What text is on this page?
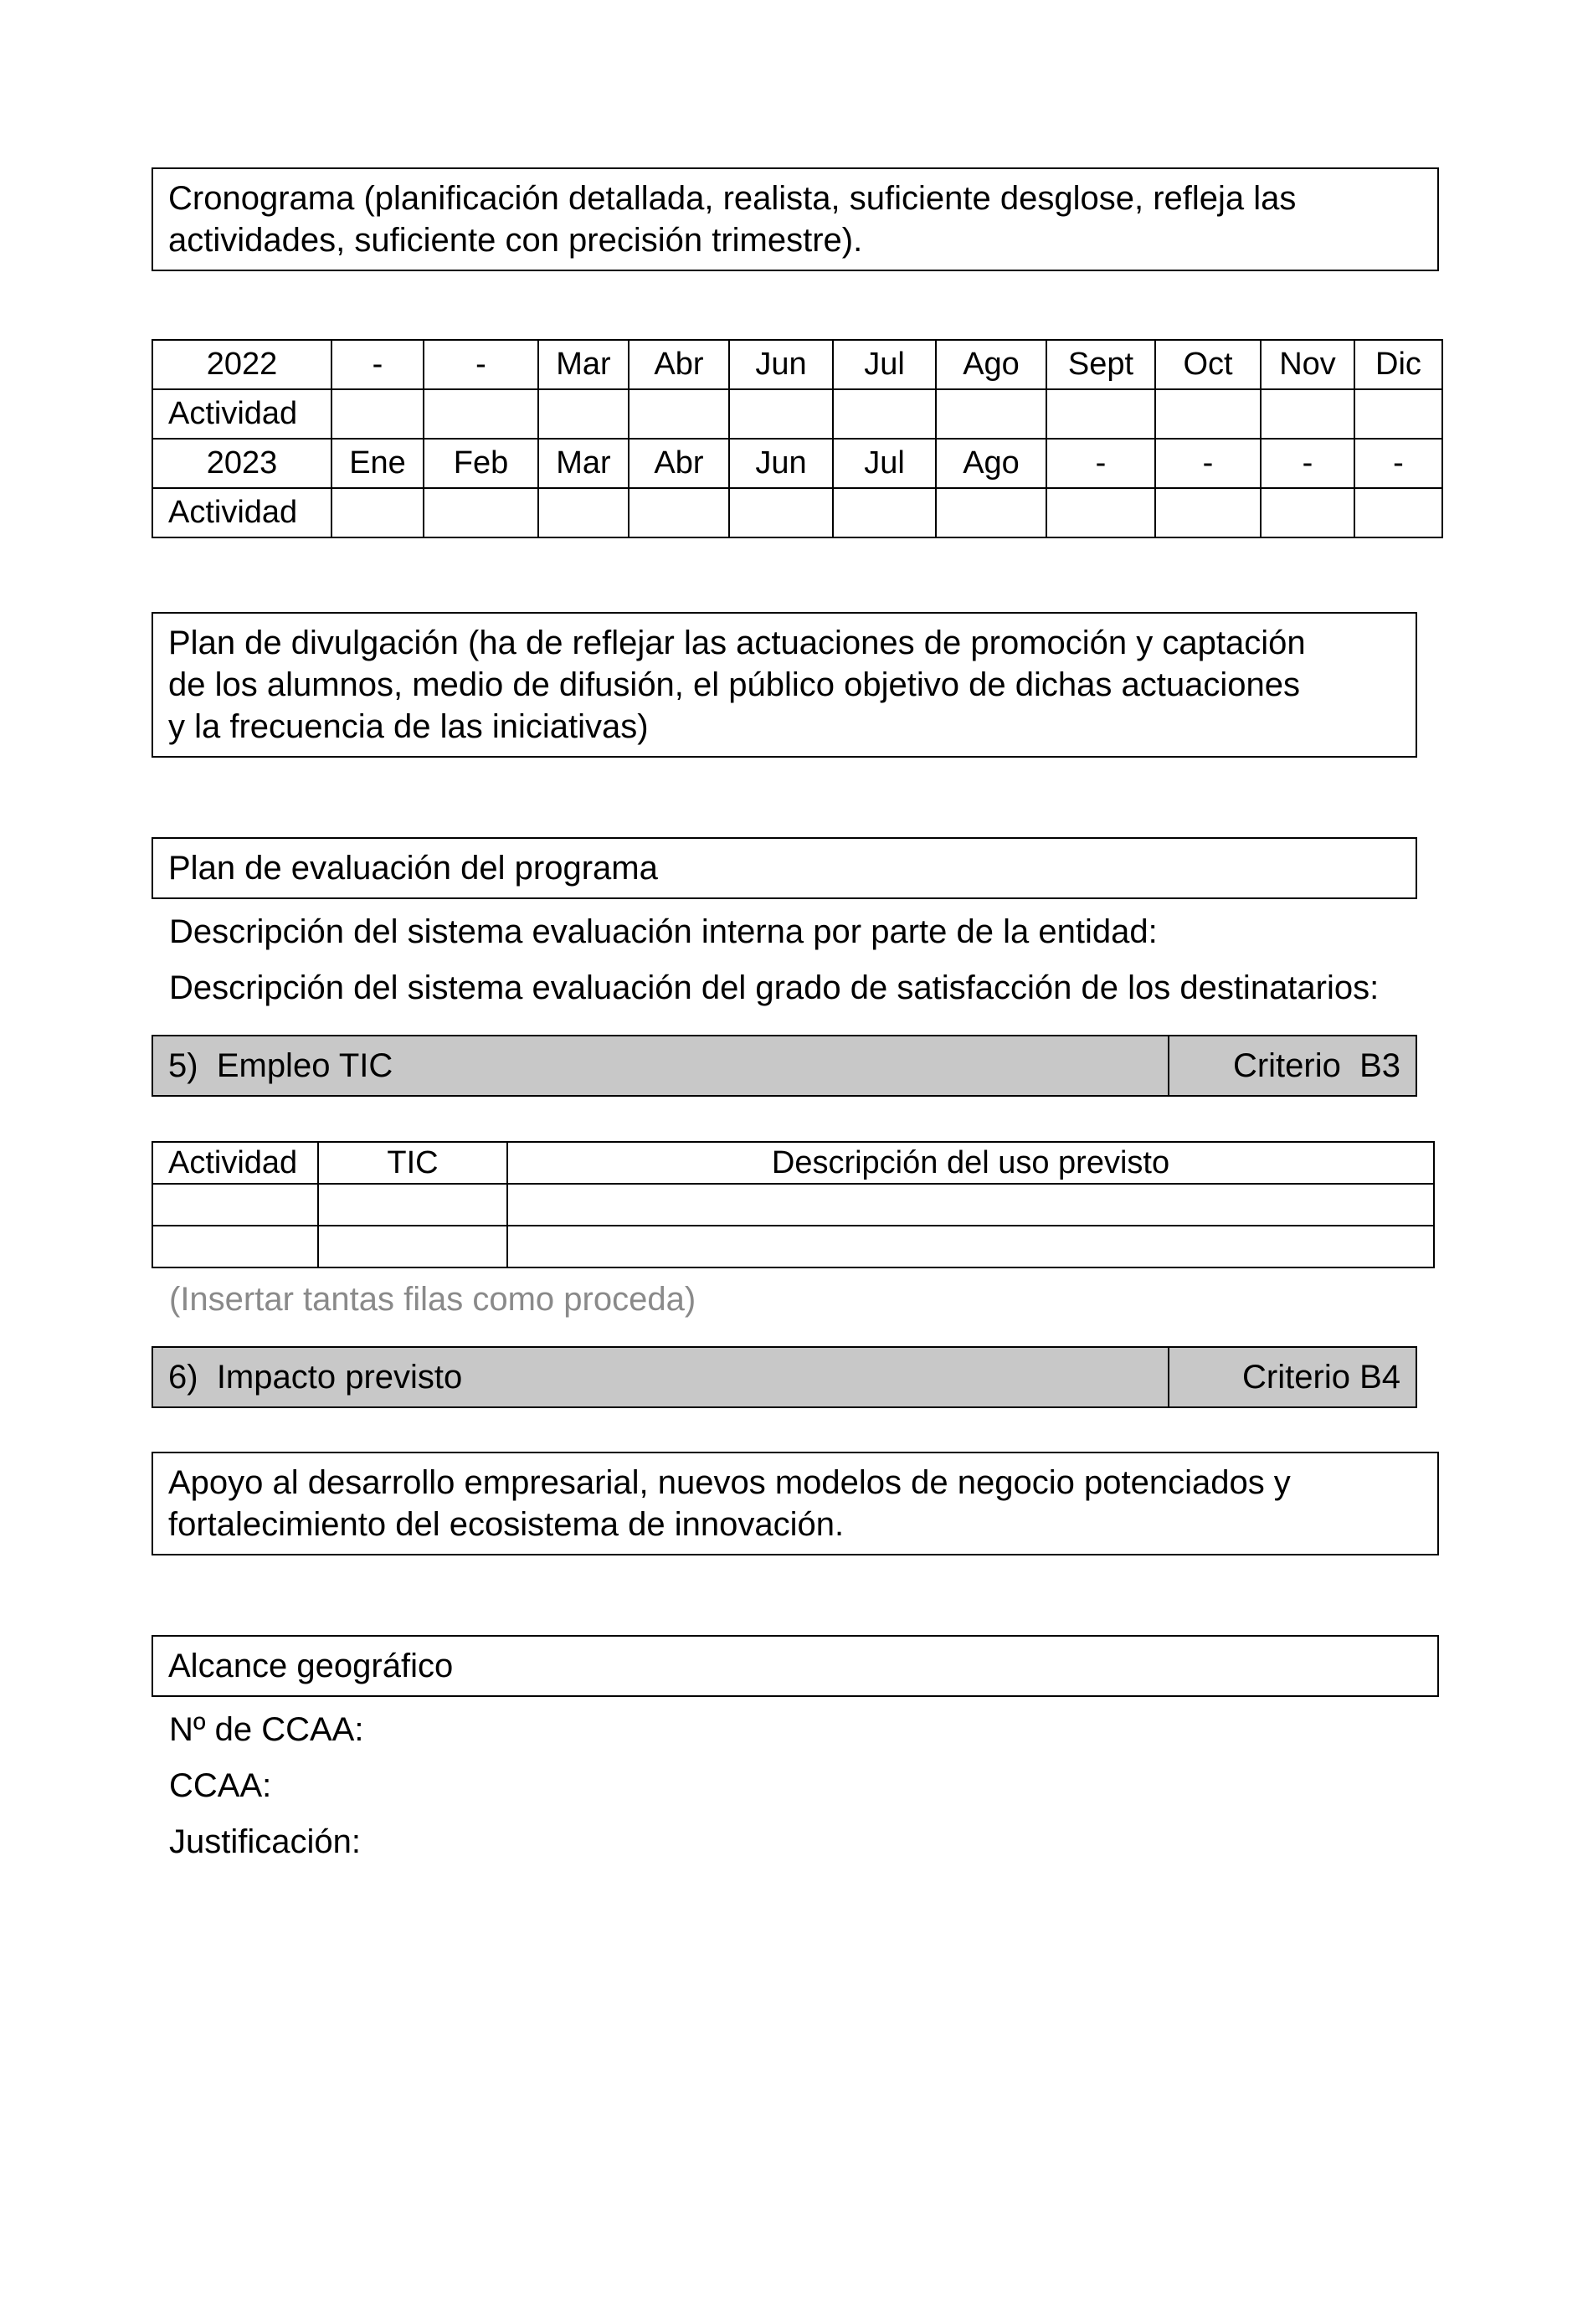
Cronograma (planificación detallada, realista, suficiente desglose, refleja las
actividades, suficiente con precisión trimestre).
2022	-	-	Mar	Abr	Jun	Jul	Ago	Sept	Oct	Nov	Dic
Actividad											
2023	Ene	Feb	Mar	Abr	Jun	Jul	Ago	-	-	-	-
Actividad											
Plan de divulgación (ha de reflejar las actuaciones de promoción y captación
de los alumnos, medio de difusión, el público objetivo de dichas actuaciones
y la frecuencia de las iniciativas)
Plan de evaluación del programa
Descripción del sistema evaluación interna por parte de la entidad:
Descripción del sistema evaluación del grado de satisfacción de los destinatarios:
5)
Empleo TIC	Criterio  B3
Actividad	TIC	Descripción del uso previsto

(Insertar tantas filas como proceda)
6)
Impacto previsto	Criterio B4
Apoyo al desarrollo empresarial, nuevos modelos de negocio potenciados y
fortalecimiento del ecosistema de innovación.
Alcance geográfico
Nº de CCAA:
CCAA:
Justificación:
